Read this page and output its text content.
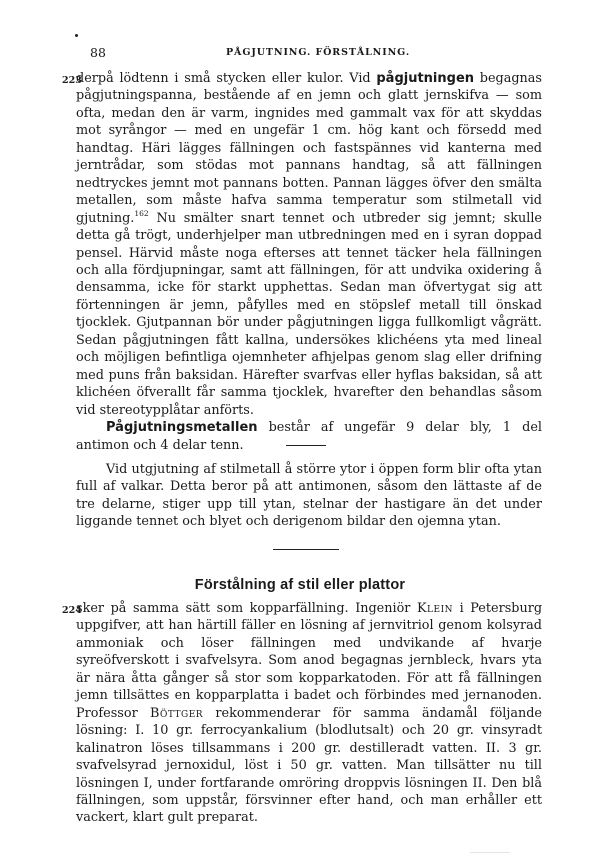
88	PÅGJUTNING. FÖRSTÅLNING.
223

derpå lödtenn i små stycken eller kulor. Vid pågjutningen begagnas pågjutningspanna, bestående af en jemn och glatt jernskifva — som ofta, medan den är varm, ingnides med gammalt vax för att skyddas mot syrångor — med en ungefär 1 cm. hög kant och försedd med handtag. Häri lägges fällningen och fastspännes vid kanterna med jerntrådar, som stödas mot pannans handtag, så att fällningen nedtryckes jemnt mot pannans botten. Pannan lägges öfver den smälta metallen, som måste hafva samma temperatur som stilmetall vid gjutning.$^{162}$ Nu smälter snart tennet och utbreder sig jemnt; skulle detta gå trögt, underhjelper man utbredningen med en i syran doppad pensel. Härvid måste noga efterses att tennet täcker hela fällningen och alla fördjupningar, samt att fällningen, för att undvika oxidering å densamma, icke för starkt upphettas. Sedan man öfvertygat sig att förtenningen är jemn, påfylles med en stöpslef metall till önskad tjocklek. Gjutpannan bör under pågjutningen ligga fullkomligt vågrätt. Sedan pågjutningen fått kallna, undersökes klichéens yta med lineal och möjligen befintliga ojemnheter afhjelpas genom slag eller drifning med puns från baksidan. Härefter svarfvas eller hyflas baksidan, så att klichéen öfverallt får samma tjocklek, hvarefter den behandlas såsom vid stereotypplåtar anförts.

Pågjutningsmetallen består af ungefär 9 delar bly, 1 del antimon och 4 delar tenn.

Vid utgjutning af stilmetall å större ytor i öppen form blir ofta ytan full af valkar. Detta beror på att antimonen, såsom den lättaste af de tre delarne, stiger upp till ytan, stelnar der hastigare än det under liggande tennet och blyet och derigenom bildar den ojemna ytan.

Förstålning af stil eller plattor
224

sker på samma sätt som kopparfällning. Ingeniör Klein i Petersburg uppgifver, att han härtill fäller en lösning af jernvitriol genom kolsyrad ammoniak och löser fällningen med undvikande af hvarje syreöfverskott i svafvelsyra. Som anod begagnas jernbleck, hvars yta är nära åtta gånger så stor som kopparkatoden. För att få fällningen jemn tillsättes en kopparplatta i badet och förbindes med jernanoden. Professor Böttger rekommenderar för samma ändamål följande lösning: I. 10 gr. ferrocyankalium (blodlutsalt) och 20 gr. vinsyradt kalinatron löses tillsammans i 200 gr. destilleradt vatten. II. 3 gr. svafvelsyrad jernoxidul, löst i 50 gr. vatten. Man tillsätter nu till lösningen I, under fortfarande omröring droppvis lösningen II. Den blå fällningen, som uppstår, försvinner efter hand, och man erhåller ett vackert, klart gult preparat.
